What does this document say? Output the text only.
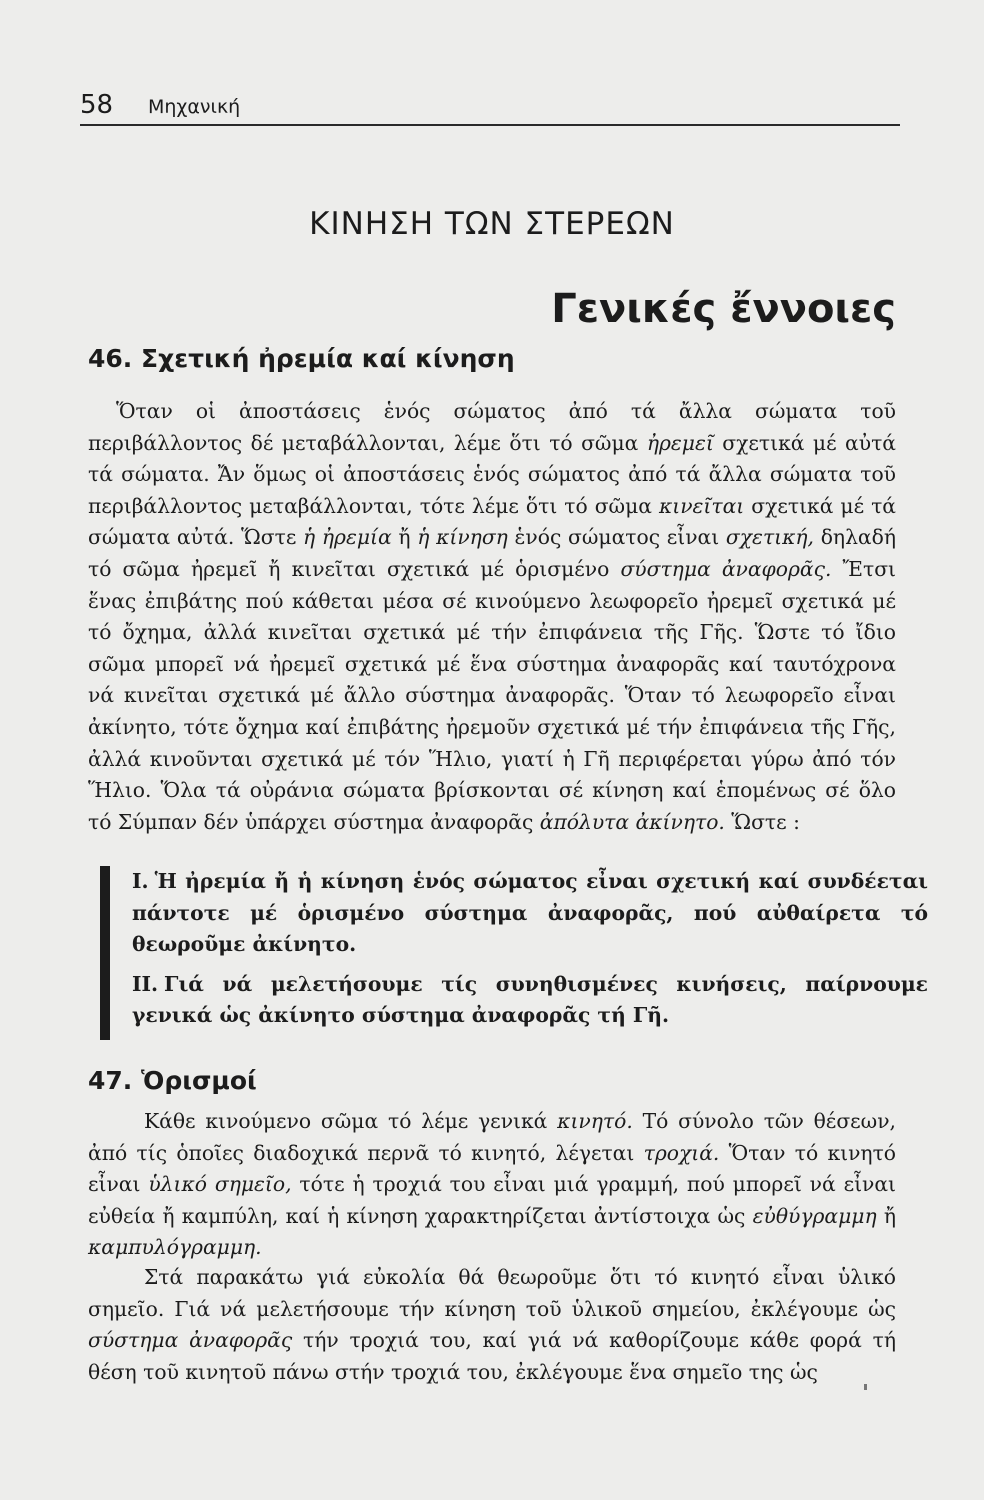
58 Μηχανική
ΚΙΝΗΣΗ ΤΩΝ ΣΤΕΡΕΩΝ
Γενικές ἔννοιες
46. Σχετική ἠρεμία καί κίνηση

Ὅταν οἱ ἀποστάσεις ἑνός σώματος ἀπό τά ἄλλα σώματα τοῦ περιβάλλοντος δέ μεταβάλλονται, λέμε ὅτι τό σῶμα ἠρεμεῖ σχετικά μέ αὐτά τά σώματα. Ἄν ὅμως οἱ ἀποστάσεις ἑνός σώματος ἀπό τά ἄλλα σώματα τοῦ περιβάλλοντος μεταβάλλονται, τότε λέμε ὅτι τό σῶμα κινεῖται σχετικά μέ τά σώματα αὐτά. Ὥστε ἡ ἠρεμία ἤ ἡ κίνηση ἑνός σώματος εἶναι σχετική, δηλαδή τό σῶμα ἠρεμεῖ ἤ κινεῖται σχετικά μέ ὁρισμένο σύστημα ἀναφορᾶς. Ἔτσι ἕνας ἐπιβάτης πού κάθεται μέσα σέ κινούμενο λεωφορεῖο ἠρεμεῖ σχετικά μέ τό ὄχημα, ἀλλά κινεῖται σχετικά μέ τήν ἐπιφάνεια τῆς Γῆς. Ὥστε τό ἴδιο σῶμα μπορεῖ νά ἠρεμεῖ σχετικά μέ ἕνα σύστημα ἀναφορᾶς καί ταυτόχρονα νά κινεῖται σχετικά μέ ἄλλο σύστημα ἀναφορᾶς. Ὅταν τό λεωφορεῖο εἶναι ἀκίνητο, τότε ὄχημα καί ἐπιβάτης ἠρεμοῦν σχετικά μέ τήν ἐπιφάνεια τῆς Γῆς, ἀλλά κινοῦνται σχετικά μέ τόν Ἥλιο, γιατί ἡ Γῆ περιφέρεται γύρω ἀπό τόν Ἥλιο. Ὅλα τά οὐράνια σώματα βρίσκονται σέ κίνηση καί ἑπομένως σέ ὅλο τό Σύμπαν δέν ὑπάρχει σύστημα ἀναφορᾶς ἀπόλυτα ἀκίνητο. Ὥστε :

I. Ἡ ἠρεμία ἤ ἡ κίνηση ἑνός σώματος εἶναι σχετική καί συνδέεται πάντοτε μέ ὁρισμένο σύστημα ἀναφορᾶς, πού αὐθαίρετα τό θεωροῦμε ἀκίνητο.

II. Γιά νά μελετήσουμε τίς συνηθισμένες κινήσεις, παίρνουμε γενικά ὡς ἀκίνητο σύστημα ἀναφορᾶς τή Γῆ.

47. Ὁρισμοί

Κάθε κινούμενο σῶμα τό λέμε γενικά κινητό. Τό σύνολο τῶν θέσεων, ἀπό τίς ὁποῖες διαδοχικά περνᾶ τό κινητό, λέγεται τροχιά. Ὅταν τό κινητό εἶναι ὑλικό σημεῖο, τότε ἡ τροχιά του εἶναι μιά γραμμή, πού μπορεῖ νά εἶναι εὐθεία ἤ καμπύλη, καί ἡ κίνηση χαρακτηρίζεται ἀντίστοιχα ὡς εὐθύγραμμη ἤ καμπυλόγραμμη.

Στά παρακάτω γιά εὐκολία θά θεωροῦμε ὅτι τό κινητό εἶναι ὑλικό σημεῖο. Γιά νά μελετήσουμε τήν κίνηση τοῦ ὑλικοῦ σημείου, ἐκλέγουμε ὡς σύστημα ἀναφορᾶς τήν τροχιά του, καί γιά νά καθορίζουμε κάθε φορά τή θέση τοῦ κινητοῦ πάνω στήν τροχιά του, ἐκλέγουμε ἕνα σημεῖο της ὡς
